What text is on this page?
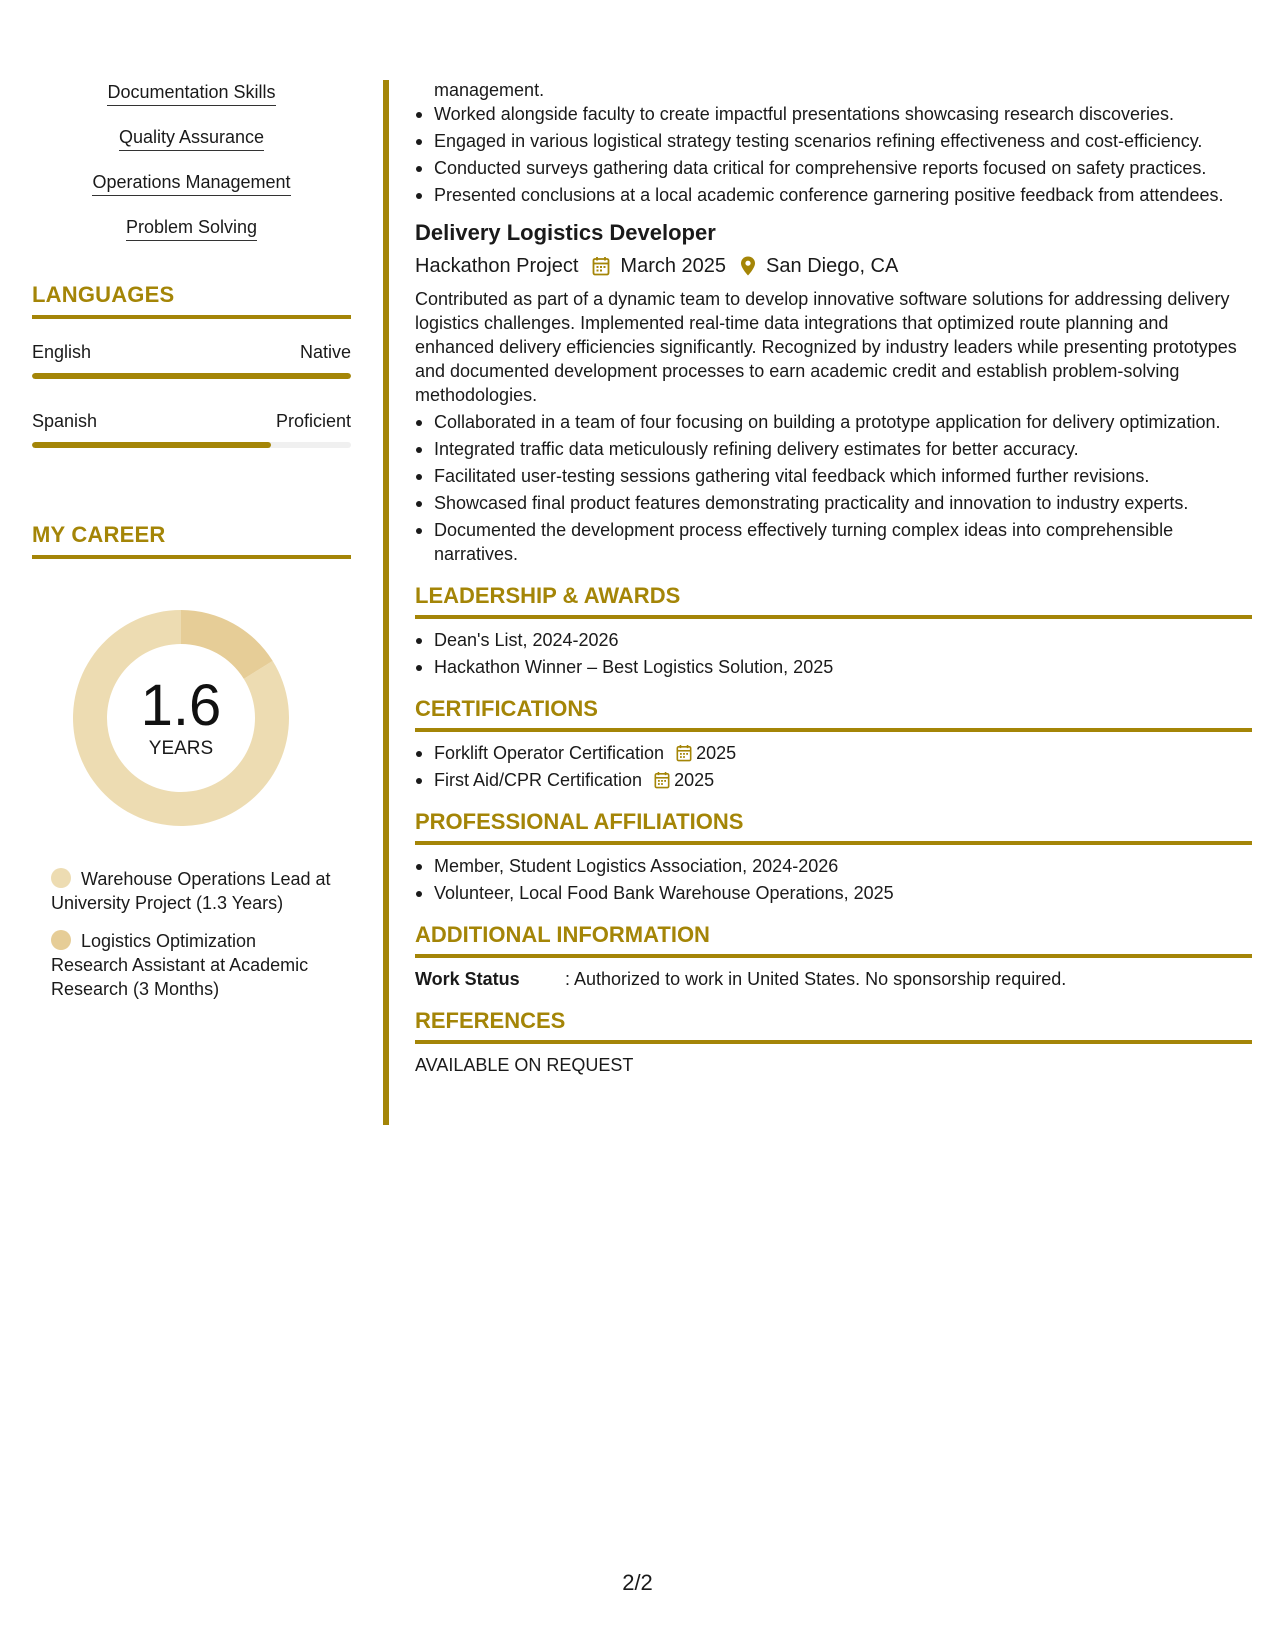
Documentation Skills
Quality Assurance
Operations Management
Problem Solving
LANGUAGES
English	Native
Spanish	Proficient
MY CAREER
1.6
YEARS
Warehouse Operations Lead at University Project (1.3 Years)
Logistics Optimization Research Assistant at Academic Research (3 Months)
management.
Worked alongside faculty to create impactful presentations showcasing research discoveries.
Engaged in various logistical strategy testing scenarios refining effectiveness and cost-efficiency.
Conducted surveys gathering data critical for comprehensive reports focused on safety practices.
Presented conclusions at a local academic conference garnering positive feedback from attendees.
Delivery Logistics Developer
Hackathon Project March 2025 San Diego, CA
Contributed as part of a dynamic team to develop innovative software solutions for addressing delivery logistics challenges. Implemented real-time data integrations that optimized route planning and enhanced delivery efficiencies significantly. Recognized by industry leaders while presenting prototypes and documented development processes to earn academic credit and establish problem-solving methodologies.
Collaborated in a team of four focusing on building a prototype application for delivery optimization.
Integrated traffic data meticulously refining delivery estimates for better accuracy.
Facilitated user-testing sessions gathering vital feedback which informed further revisions.
Showcased final product features demonstrating practicality and innovation to industry experts.
Documented the development process effectively turning complex ideas into comprehensible narratives.
LEADERSHIP & AWARDS
Dean's List, 2024-2026
Hackathon Winner – Best Logistics Solution, 2025
CERTIFICATIONS
Forklift Operator Certification 2025
First Aid/CPR Certification 2025
PROFESSIONAL AFFILIATIONS
Member, Student Logistics Association, 2024-2026
Volunteer, Local Food Bank Warehouse Operations, 2025
ADDITIONAL INFORMATION
Work Status	: Authorized to work in United States. No sponsorship required.
REFERENCES
AVAILABLE ON REQUEST
2/2
